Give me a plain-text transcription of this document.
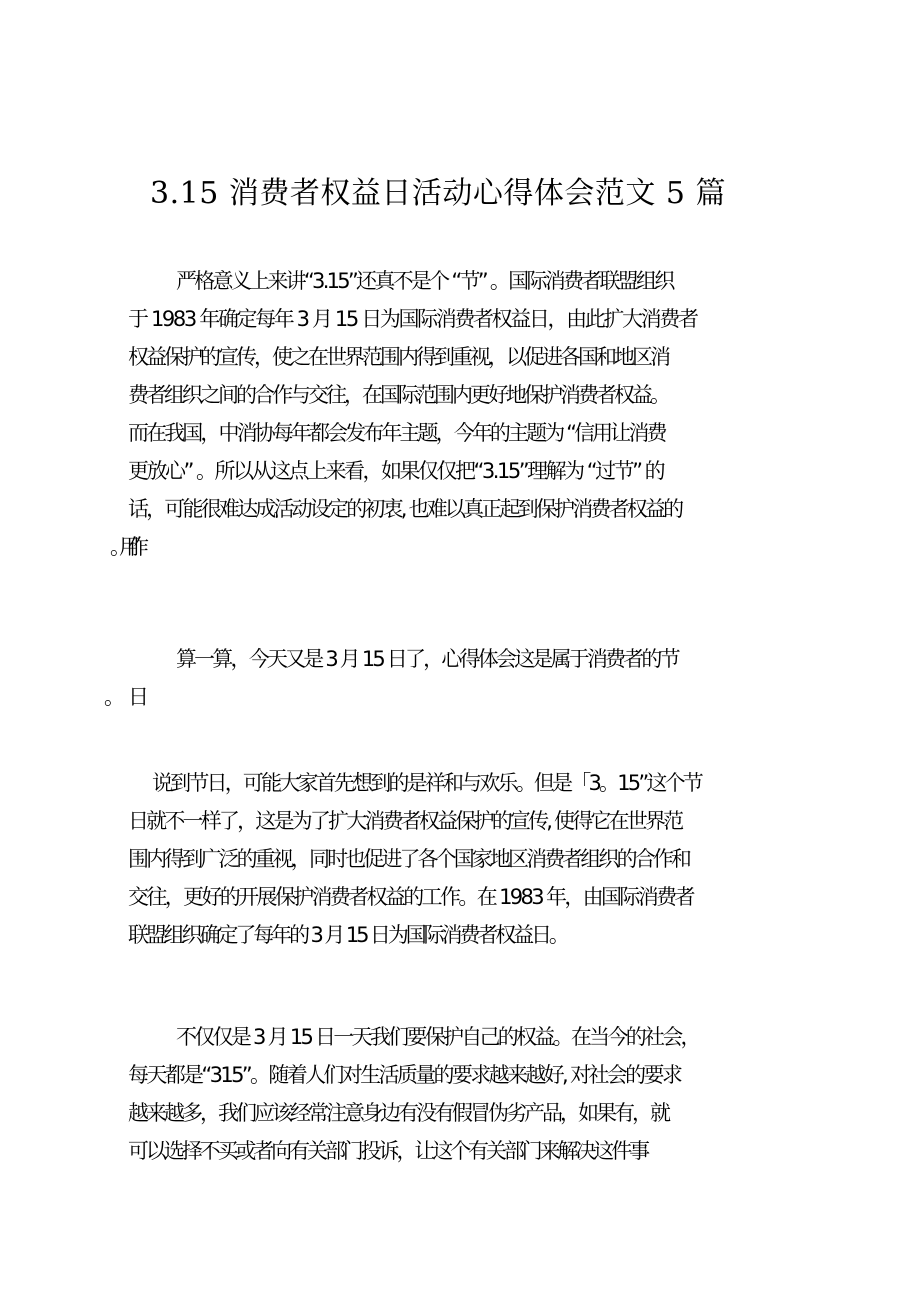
3.15 消费者权益日活动心得体会范文 5 篇
严格意义上来讲“3.15”还真不是个 “节” 。国际消费者联盟组织
于 1983 年确定每年 3 月 15 日为国际消费者权益日，由此扩大消费者
权益保护的宣传，使之在世界范围内得到重视，以促进各国和地区消
费者组织之间的合作与交往，在国际范围内更好地保护消费者权益。
而在我国，中消协每年都会发布年主题，今年的主题为 “信用让消费
更放心” 。所以从这点上来看，如果仅仅把“3.15”理解为 “过节” 的
话，可能很难达成活动设定的初衷, 也难以真正起到保护消费者权益的
算一算，今天又是 3 月 15 日了，心得体会这是属于消费者的节
说到节日，可能大家首先想到的是祥和与欢乐。但是「3。15”这个节
日就不一样了，这是为了扩大消费者权益保护的宣传, 使得它在世界范
围内得到广泛的重视，同时也促进了各个国家地区消费者组织的合作和
交往，更好的开展保护消费者权益的工作。在 1983 年，由国际消费者
联盟组织确定了每年的 3 月 15 日为国际消费者权益日。
不仅仅是 3 月 15 日一天我们要保护自己的权益。在当今的社会，
每天都是“315”。随着人们对生活质量的要求越来越好, 对社会的要求
越来越多，我们应该经常注意身边有没有假冒伪劣产品，如果有，就
可以选择不买或者向有关部门投诉，让这个有关部门来解决这件事
